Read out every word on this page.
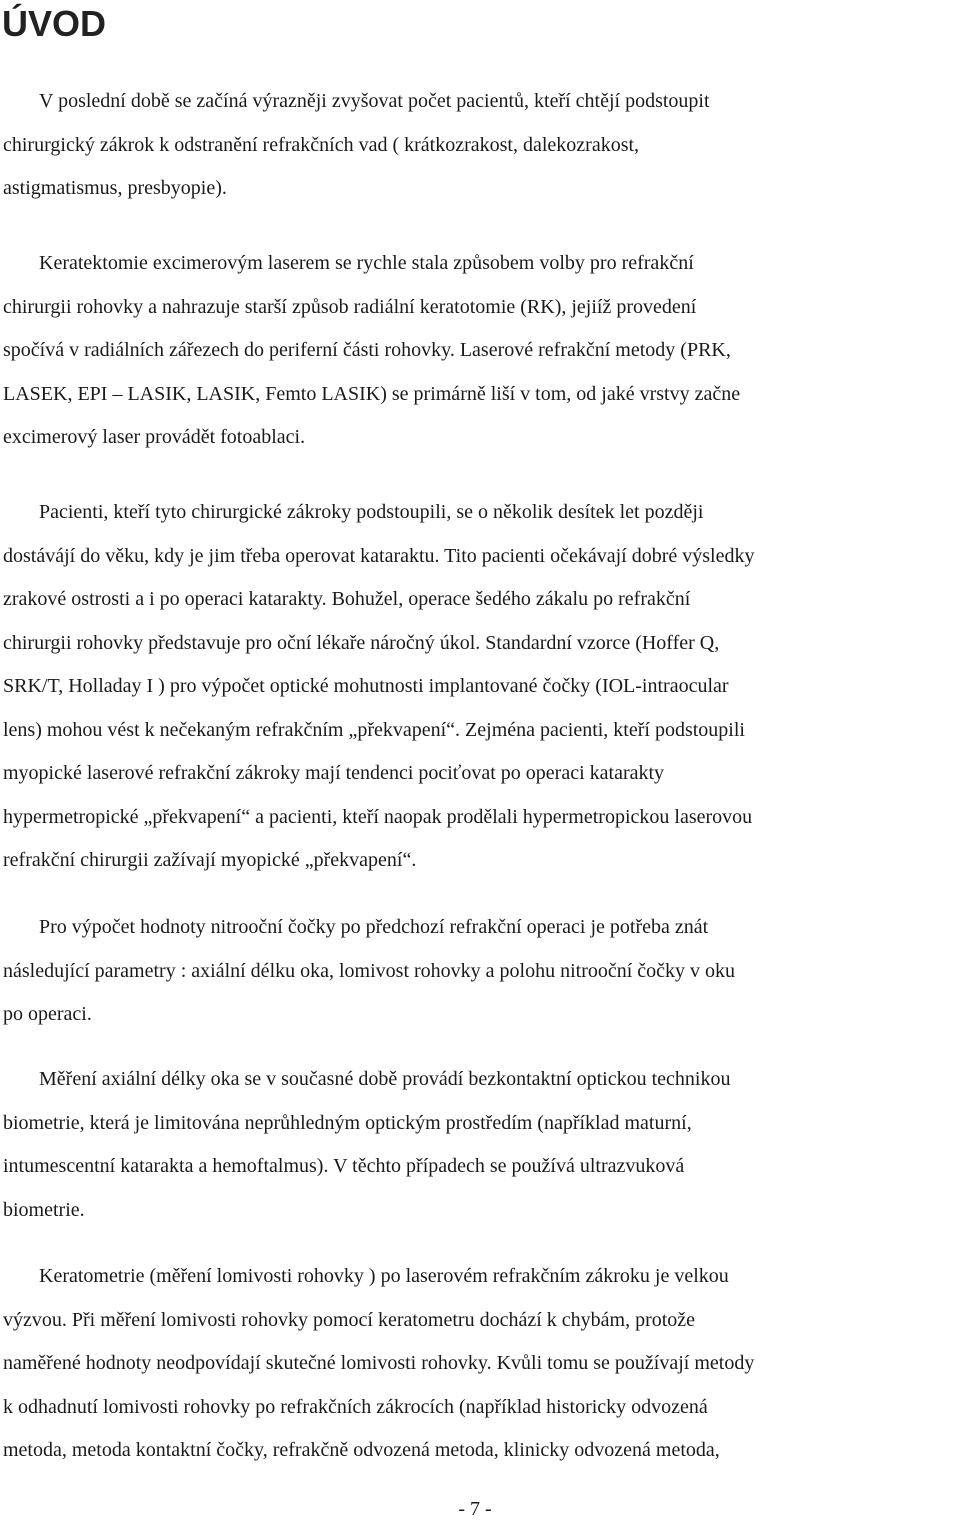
ÚVOD

V poslední době se začíná výrazněji zvyšovat počet pacientů, kteří chtějí podstoupit
chirurgický zákrok k odstranění refrakčních vad ( krátkozrakost, dalekozrakost,
astigmatismus, presbyopie).

Keratektomie excimerovým laserem se rychle stala způsobem volby pro refrakční
chirurgii rohovky a nahrazuje starší způsob radiální keratotomie (RK), jejiíž provedení
spočívá v radiálních zářezech do periferní části rohovky. Laserové refrakční metody (PRK,
LASEK, EPI – LASIK, LASIK, Femto LASIK) se primárně liší v tom, od jaké vrstvy začne
excimerový laser provádět fotoablaci.

Pacienti, kteří tyto chirurgické zákroky podstoupili, se o několik desítek let později
dostávájí do věku, kdy je jim třeba operovat kataraktu. Tito pacienti očekávají dobré výsledky
zrakové ostrosti a i po operaci katarakty. Bohužel, operace šedého zákalu po refrakční
chirurgii rohovky představuje pro oční lékaře náročný úkol. Standardní vzorce (Hoffer Q,
SRK/T, Holladay I ) pro výpočet optické mohutnosti implantované čočky (IOL-intraocular
lens) mohou vést k nečekaným refrakčním „překvapení“. Zejména pacienti, kteří podstoupili
myopické laserové refrakční zákroky mají tendenci pociťovat po operaci katarakty
hypermetropické „překvapení“ a pacienti, kteří naopak prodělali hypermetropickou laserovou
refrakční chirurgii zažívají myopické „překvapení“.

Pro výpočet hodnoty nitrooční čočky po předchozí refrakční operaci je potřeba znát
následující parametry : axiální délku oka, lomivost rohovky a polohu nitrooční čočky v oku
po operaci.

Měření axiální délky oka se v současné době provádí bezkontaktní optickou technikou
biometrie, která je limitována neprůhledným optickým prostředím (například maturní,
intumescentní katarakta a hemoftalmus). V těchto případech se používá ultrazvuková
biometrie.

Keratometrie (měření lomivosti rohovky ) po laserovém refrakčním zákroku je velkou
výzvou. Při měření lomivosti rohovky pomocí keratometru dochází k chybám, protože
naměřené hodnoty neodpovídají skutečné lomivosti rohovky. Kvůli tomu se používají metody
k odhadnutí lomivosti rohovky po refrakčních zákrocích (například historicky odvozená
metoda, metoda kontaktní čočky, refrakčně odvozená metoda, klinicky odvozená metoda,

- 7 -
